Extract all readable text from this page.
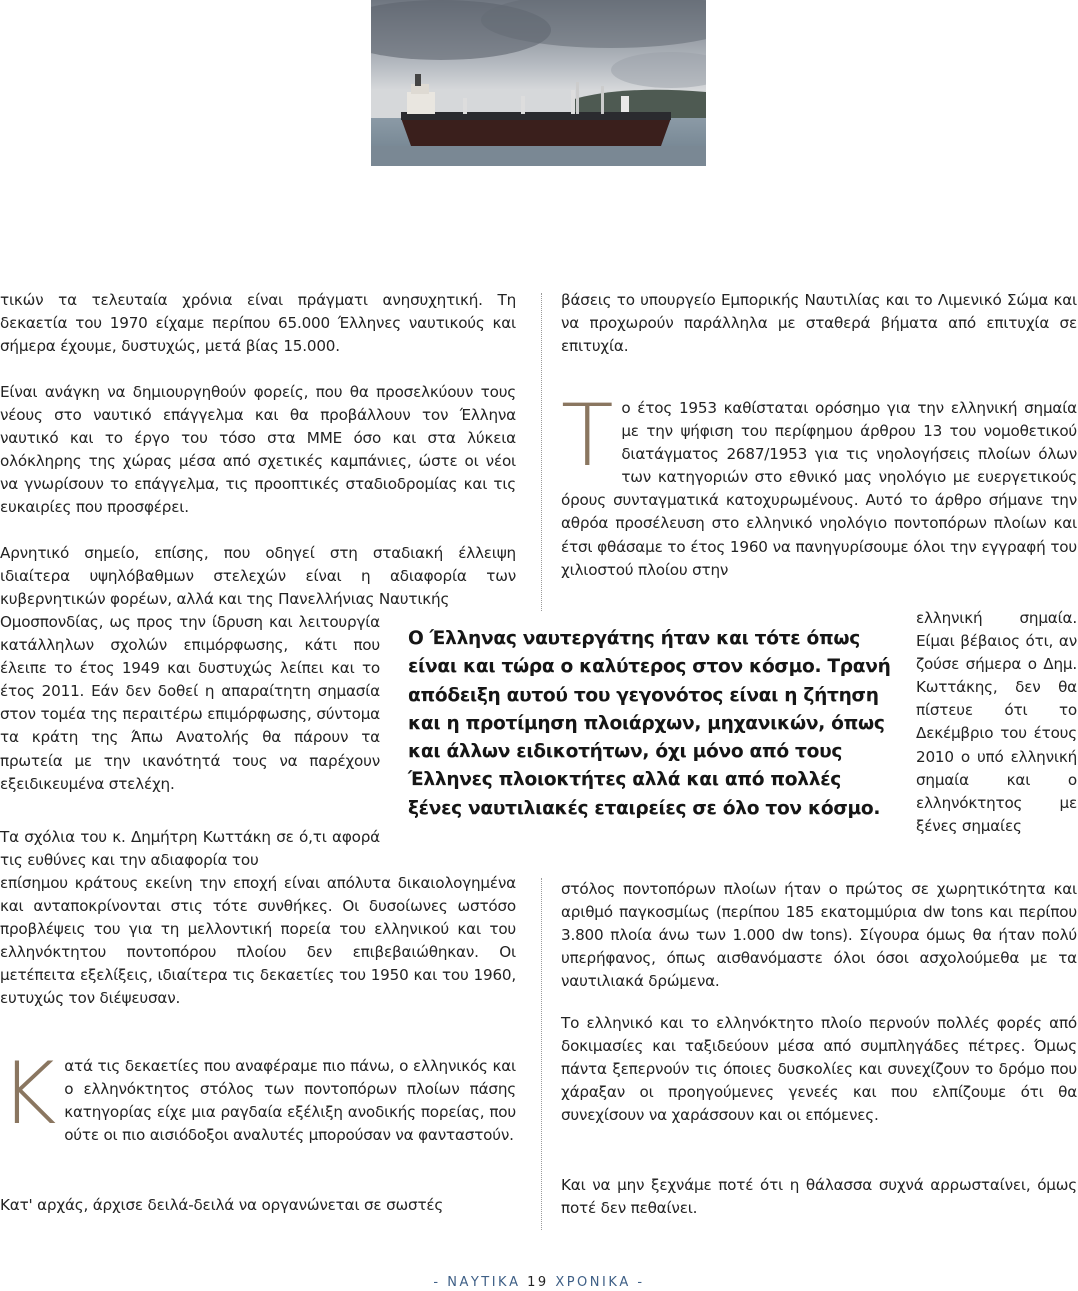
τικών τα τελευταία χρόνια είναι πράγματι ανησυχητική. Τη δεκαετία του 1970 είχαμε περίπου 65.000 Έλληνες ναυτικούς και σήμερα έχουμε, δυστυχώς, μετά βίας 15.000.

Είναι ανάγκη να δημιουργηθούν φορείς, που θα προσελκύουν τους νέους στο ναυτικό επάγγελμα και θα προβάλλουν τον Έλληνα ναυτικό και το έργο του τόσο στα ΜΜΕ όσο και στα λύκεια ολόκληρης της χώρας μέσα από σχετικές καμπάνιες, ώστε οι νέοι να γνωρίσουν το επάγγελμα, τις προοπτικές σταδιοδρομίας και τις ευκαιρίες που προσφέρει.

Αρνητικό σημείο, επίσης, που οδηγεί στη σταδιακή έλλειψη ιδιαίτερα υψηλόβαθμων στελεχών είναι η αδιαφορία των κυβερνητικών φορέων, αλλά και της Πανελλήνιας Ναυτικής

Ομοσπονδίας, ως προς την ίδρυση και λειτουργία κατάλληλων σχολών επιμόρφωσης, κάτι που έλειπε το έτος 1949 και δυστυχώς λείπει και το έτος 2011. Εάν δεν δοθεί η απαραίτητη σημασία στον τομέα της περαιτέρω επιμόρφωσης, σύντομα τα κράτη της Άπω Ανατολής θα πάρουν τα πρωτεία με την ικανότητά τους να παρέχουν εξειδικευμένα στελέχη.

Τα σχόλια του κ. Δημήτρη Κωττάκη σε ό,τι αφορά τις ευθύνες και την αδιαφορία του

επίσημου κράτους εκείνη την εποχή είναι απόλυτα δικαιολογημένα και ανταποκρίνονται στις τότε συνθήκες. Οι δυσοίωνες ωστόσο προβλέψεις του για τη μελλοντική πορεία του ελληνικού και του ελληνόκτητου ποντοπόρου πλοίου δεν επιβεβαιώθηκαν. Οι μετέπειτα εξελίξεις, ιδιαίτερα τις δεκαετίες του 1950 και του 1960, ευτυχώς τον διέψευσαν.

Κατά τις δεκαετίες που αναφέραμε πιο πάνω, ο ελληνικός και ο ελληνόκτητος στόλος των ποντοπόρων πλοίων πάσης κατηγορίας είχε μια ραγδαία εξέλιξη ανοδικής πορείας, που ούτε οι πιο αισιόδοξοι αναλυτές μπορούσαν να φανταστούν.

Κατ' αρχάς, άρχισε δειλά-δειλά να οργανώνεται σε σωστές

βάσεις το υπουργείο Εμπορικής Ναυτιλίας και το Λιμενικό Σώμα και να προχωρούν παράλληλα με σταθερά βήματα από επιτυχία σε επιτυχία.

Το έτος 1953 καθίσταται ορόσημο για την ελληνική σημαία με την ψήφιση του περίφημου άρθρου 13 του νομοθετικού διατάγματος 2687/1953 για τις νηολογήσεις πλοίων όλων των κατηγοριών στο εθνικό μας νηολόγιο με ευεργετικούς όρους συνταγματικά κατοχυρωμένους. Αυτό το άρθρο σήμανε την αθρόα προσέλευση στο ελληνικό νηολόγιο ποντοπόρων πλοίων και έτσι φθάσαμε το έτος 1960 να πανηγυρίσουμε όλοι την εγγραφή του χιλιοστού πλοίου στην

ελληνική σημαία. Είμαι βέβαιος ότι, αν ζούσε σήμερα ο Δημ. Κωττάκης, δεν θα πίστευε ότι το Δεκέμβριο του έτους 2010 ο υπό ελληνική σημαία και ο ελληνόκτητος με ξένες σημαίες

στόλος ποντοπόρων πλοίων ήταν ο πρώτος σε χωρητικότητα και αριθμό παγκοσμίως (περίπου 185 εκατομμύρια dw tons και περίπου 3.800 πλοία άνω των 1.000 dw tons). Σίγουρα όμως θα ήταν πολύ υπερήφανος, όπως αισθανόμαστε όλοι όσοι ασχολούμεθα με τα ναυτιλιακά δρώμενα.

Το ελληνικό και το ελληνόκτητο πλοίο περνούν πολλές φορές από δοκιμασίες και ταξιδεύουν μέσα από συμπληγάδες πέτρες. Όμως πάντα ξεπερνούν τις όποιες δυσκολίες και συνεχίζουν το δρόμο που χάραξαν οι προηγούμενες γενεές και που ελπίζουμε ότι θα συνεχίσουν να χαράσσουν και οι επόμενες.

Και να μην ξεχνάμε ποτέ ότι η θάλασσα συχνά αρρωσταίνει, όμως ποτέ δεν πεθαίνει.

Ο Έλληνας ναυτεργάτης ήταν και τότε όπως είναι και τώρα ο καλύτερος στον κόσμο. Τρανή απόδειξη αυτού του γεγονότος είναι η ζήτηση και η προτίμηση πλοιάρχων, μηχανικών, όπως και άλλων ειδικοτήτων, όχι μόνο από τους Έλληνες πλοιοκτήτες αλλά και από πολλές ξένες ναυτιλιακές εταιρείες σε όλο τον κόσμο.

- ΝΑΥΤΙΚΑ 19 ΧΡΟΝΙΚΑ -
